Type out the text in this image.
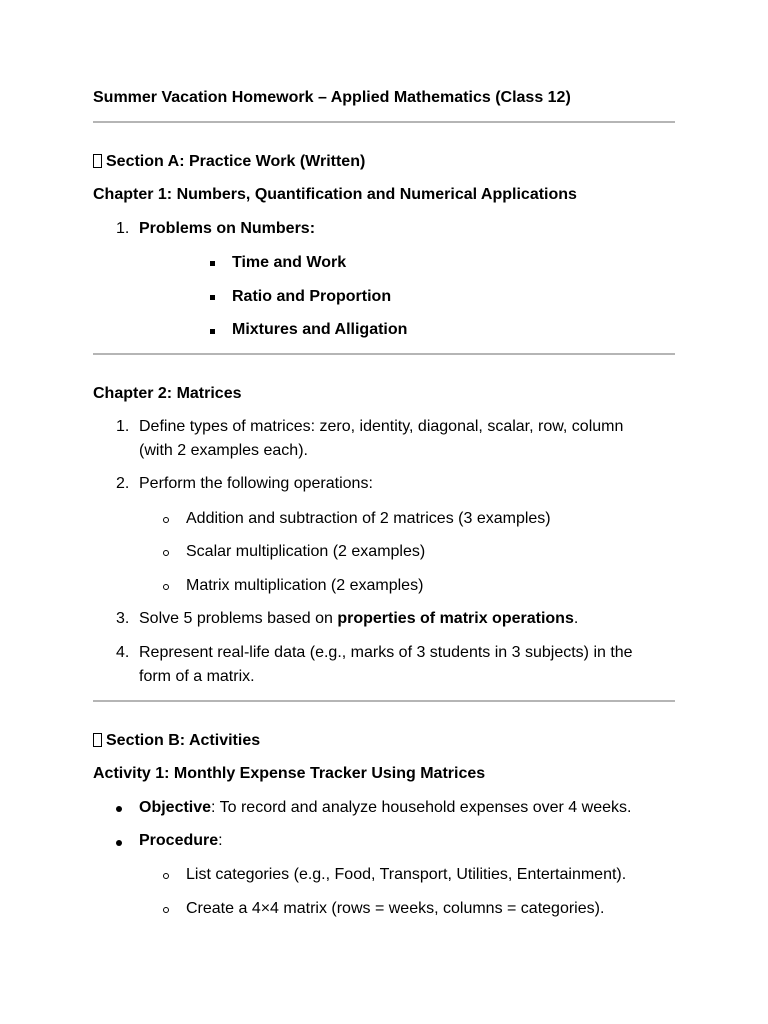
Summer Vacation Homework – Applied Mathematics (Class 12)
Section A: Practice Work (Written)
Chapter 1: Numbers, Quantification and Numerical Applications
1. Problems on Numbers:
Time and Work
Ratio and Proportion
Mixtures and Alligation
Chapter 2: Matrices
1. Define types of matrices: zero, identity, diagonal, scalar, row, column
(with 2 examples each).
2. Perform the following operations:
Addition and subtraction of 2 matrices (3 examples)
Scalar multiplication (2 examples)
Matrix multiplication (2 examples)
3. Solve 5 problems based on properties of matrix operations.
4. Represent real-life data (e.g., marks of 3 students in 3 subjects) in the
form of a matrix.
Section B: Activities
Activity 1: Monthly Expense Tracker Using Matrices
Objective: To record and analyze household expenses over 4 weeks.
Procedure:
List categories (e.g., Food, Transport, Utilities, Entertainment).
Create a 4×4 matrix (rows = weeks, columns = categories).
